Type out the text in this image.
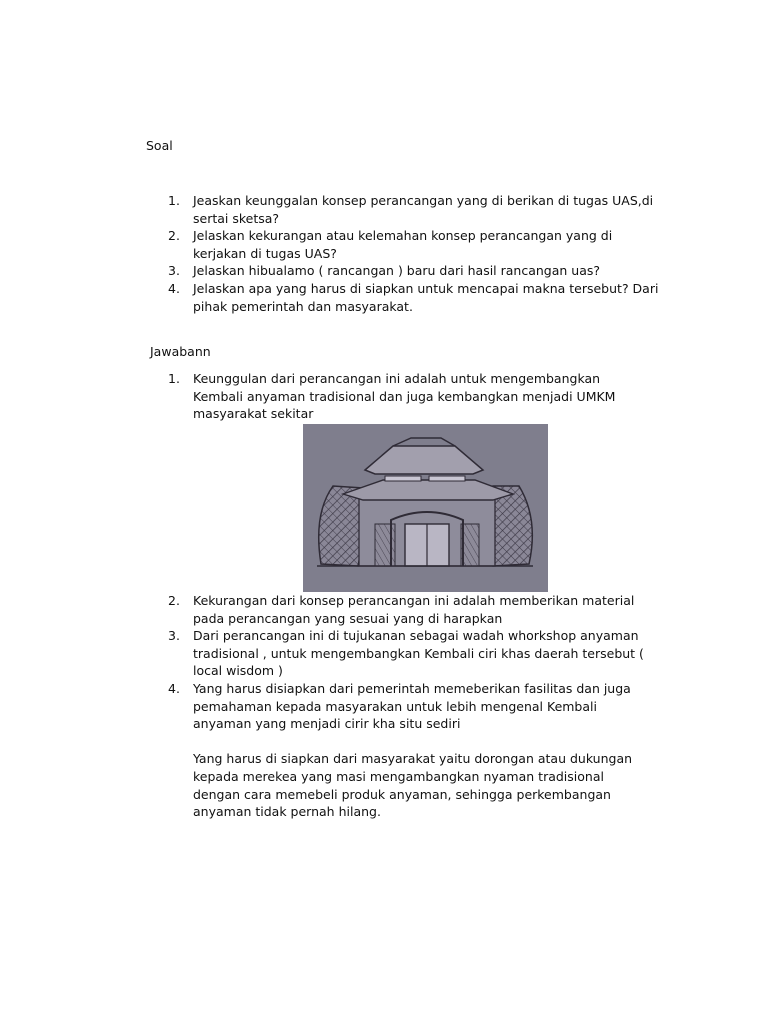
Soal

1. Jeaskan keunggalan konsep perancangan yang di berikan di tugas UAS,di sertai sketsa?
2. Jelaskan kekurangan atau kelemahan konsep perancangan yang di kerjakan di tugas UAS?
3. Jelaskan hibualamo ( rancangan ) baru dari hasil rancangan uas?
4. Jelaskan apa yang harus di siapkan untuk mencapai makna tersebut? Dari pihak pemerintah dan masyarakat.

Jawabann

1. Keunggulan dari perancangan ini adalah untuk mengembangkan Kembali anyaman tradisional dan juga kembangkan menjadi UMKM masyarakat sekitar
2. Kekurangan dari konsep perancangan ini adalah memberikan material pada perancangan yang sesuai yang di harapkan
3. Dari perancangan ini di tujukanan sebagai wadah whorkshop anyaman tradisional , untuk mengembangkan Kembali ciri khas daerah tersebut ( local wisdom )
4. Yang harus disiapkan dari pemerintah memeberikan fasilitas dan juga pemahaman kepada masyarakan untuk lebih mengenal Kembali anyaman yang menjadi cirir kha situ sediri
Yang harus di siapkan dari masyarakat yaitu dorongan atau dukungan kepada merekea yang masi mengambangkan nyaman tradisional dengan cara memebeli produk anyaman, sehingga perkembangan anyaman tidak pernah hilang.
